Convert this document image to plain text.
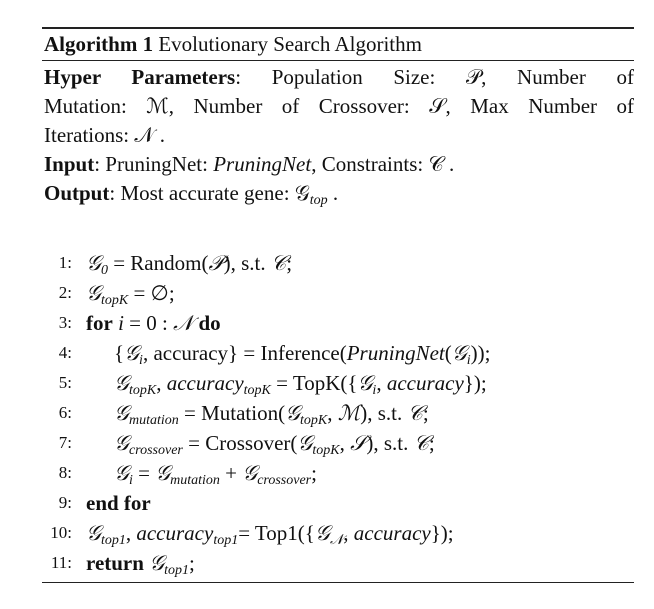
Algorithm 1 Evolutionary Search Algorithm
Hyper Parameters: Population Size: 𝒫, Number of
Mutation: ℳ, Number of Crossover: 𝒮, Max Number of
Iterations: 𝒩 .
Input: PruningNet: PruningNet, Constraints: 𝒞 .
Output: Most accurate gene: 𝒢$_{top}$ .
1: 𝒢$_0$ = Random(𝒫), s.t. 𝒞;
2: 𝒢$_{topK}$ = ∅;
3: for i = 0 : 𝒩 do
4: {𝒢$_i$, accuracy} = Inference(PruningNet(𝒢$_i$));
5: 𝒢$_{topK}$, accuracy$_{topK}$ = TopK({𝒢$_i$, accuracy});
6: 𝒢$_{mutation}$ = Mutation(𝒢$_{topK}$, ℳ), s.t. 𝒞;
7: 𝒢$_{crossover}$ = Crossover(𝒢$_{topK}$, 𝒮), s.t. 𝒞;
8: 𝒢$_i$ = 𝒢$_{mutation}$ + 𝒢$_{crossover}$;
9: end for
10: 𝒢$_{top1}$, accuracy$_{top1}$= Top1({𝒢$_𝒩$, accuracy});
11: return 𝒢$_{top1}$;
